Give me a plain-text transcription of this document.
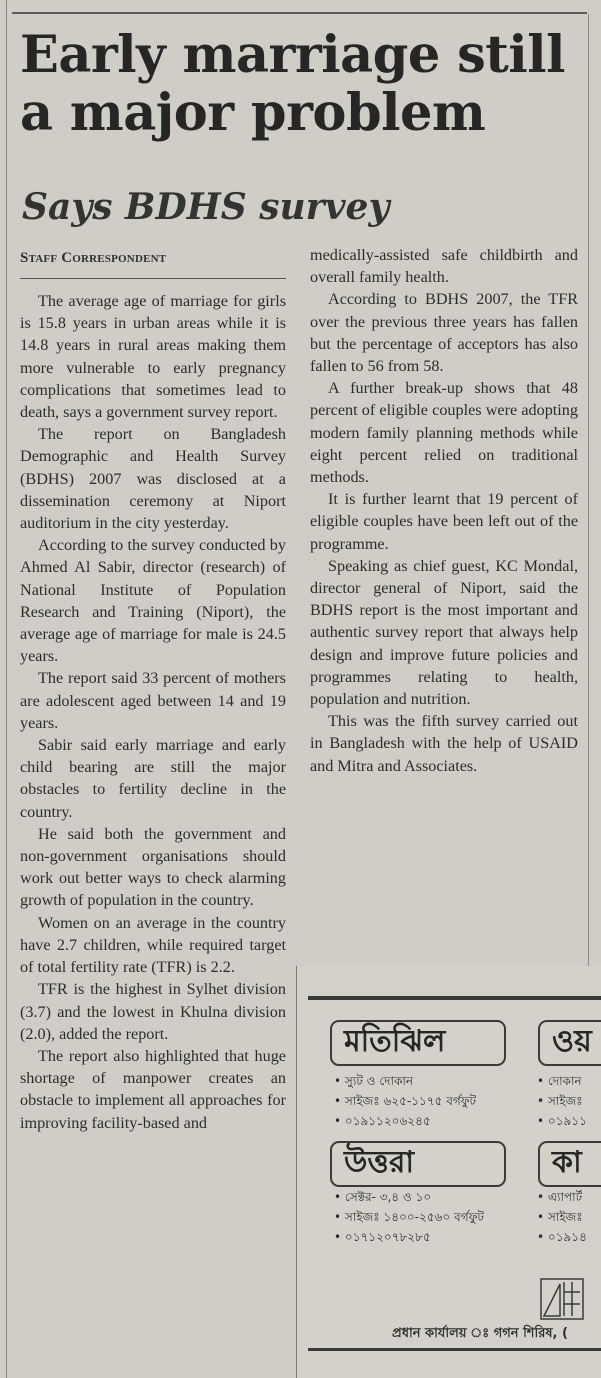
Early marriage still a major problem
Says BDHS survey
Staff Correspondent

The average age of marriage for girls is 15.8 years in urban areas while it is 14.8 years in rural areas making them more vulnerable to early pregnancy complications that sometimes lead to death, says a government survey report.

The report on Bangladesh Demographic and Health Survey (BDHS) 2007 was disclosed at a dissemination ceremony at Niport auditorium in the city yesterday.

According to the survey conducted by Ahmed Al Sabir, director (research) of National Institute of Population Research and Training (Niport), the average age of marriage for male is 24.5 years.

The report said 33 percent of mothers are adolescent aged between 14 and 19 years.

Sabir said early marriage and early child bearing are still the major obstacles to fertility decline in the country.

He said both the government and non-government organisations should work out better ways to check alarming growth of population in the country.

Women on an average in the country have 2.7 children, while required target of total fertility rate (TFR) is 2.2.

TFR is the highest in Sylhet division (3.7) and the lowest in Khulna division (2.0), added the report.

The report also highlighted that huge shortage of manpower creates an obstacle to implement all approaches for improving facility-based and

medically-assisted safe childbirth and overall family health.

According to BDHS 2007, the TFR over the previous three years has fallen but the percentage of acceptors has also fallen to 56 from 58.

A further break-up shows that 48 percent of eligible couples were adopting modern family planning methods while eight percent relied on traditional methods.

It is further learnt that 19 percent of eligible couples have been left out of the programme.

Speaking as chief guest, KC Mondal, director general of Niport, said the BDHS report is the most important and authentic survey report that always help design and improve future policies and programmes relating to health, population and nutrition.

This was the fifth survey carried out in Bangladesh with the help of USAID and Mitra and Associates.

মতিঝিল
• স্যুট ও দোকান
• সাইজঃ ৬২৫-১১৭৫ বর্গফুট
• ০১৯১১২০৬২৪৫
ওয়
• দোকান
• সাইজঃ
• ০১৯১১
উত্তরা
• সেক্টর- ৩,৪ ও ১০
• সাইজঃ ১৪০০-২৫৬০ বর্গফুট
• ০১৭১২০৭৮২৮৫
কা
• এ্যাপার্ট
• সাইজঃ
• ০১৯১৪
প্রধান কার্যালয় ঃ গগন শিরিষ, (
